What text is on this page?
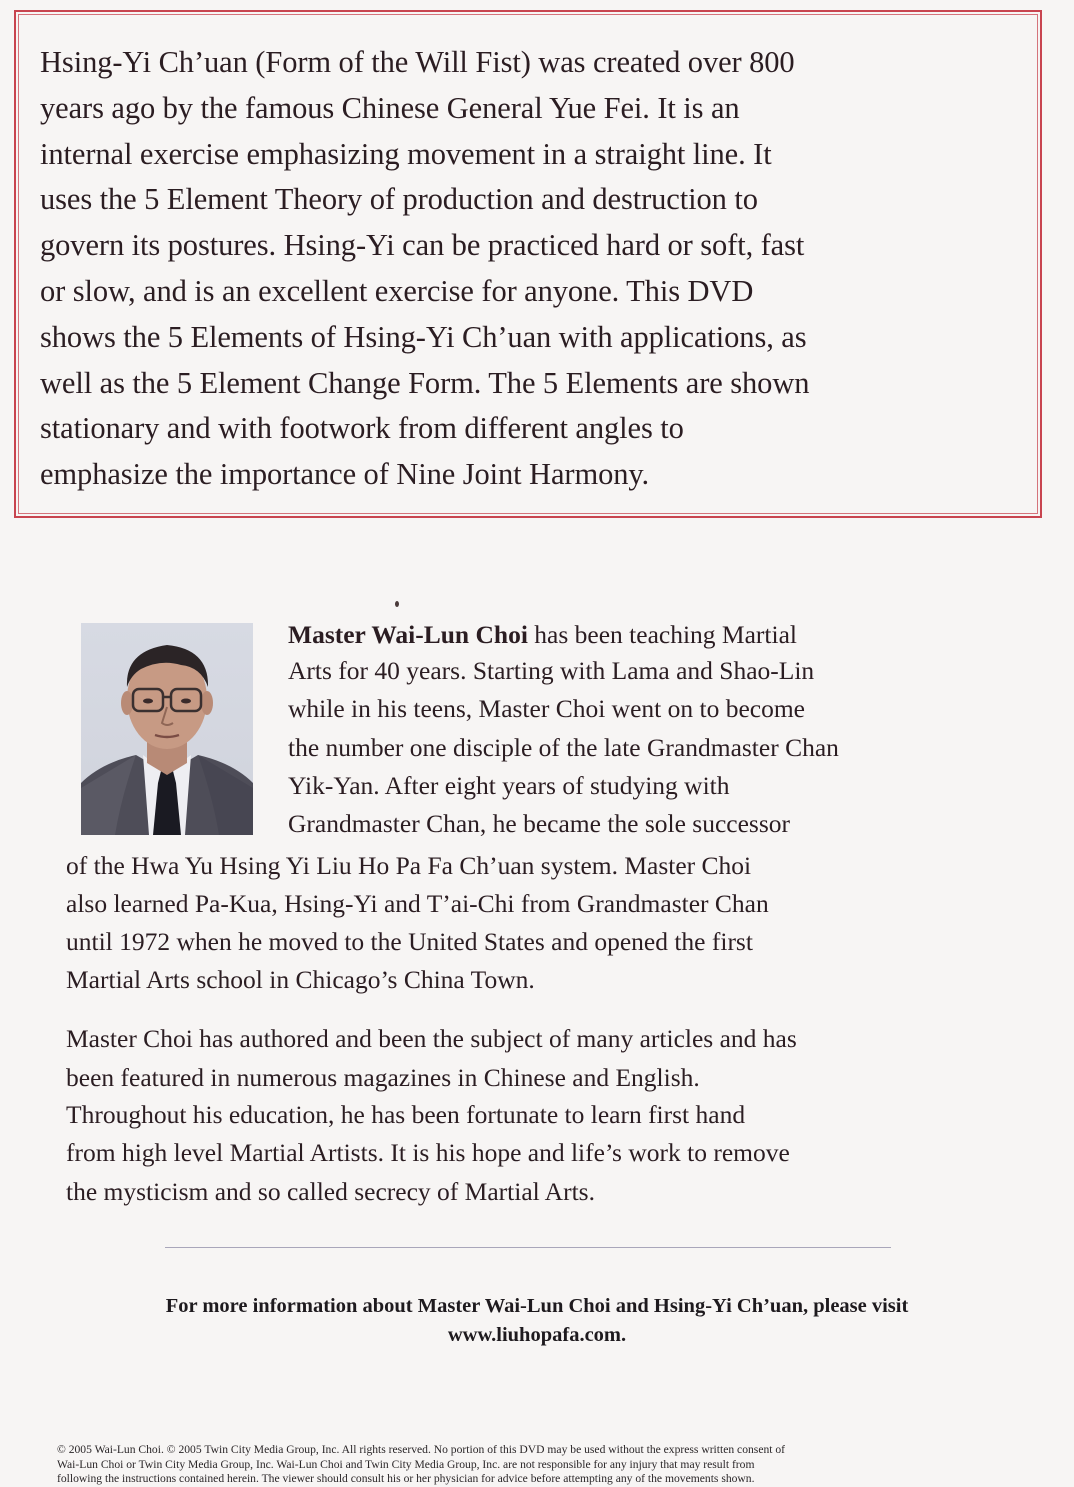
Hsing-Yi Ch’uan (Form of the Will Fist) was created over 800
years ago by the famous Chinese General Yue Fei. It is an
internal exercise emphasizing movement in a straight line. It
uses the 5 Element Theory of production and destruction to
govern its postures. Hsing-Yi can be practiced hard or soft, fast
or slow, and is an excellent exercise for anyone. This DVD
shows the 5 Elements of Hsing-Yi Ch’uan with applications, as
well as the 5 Element Change Form. The 5 Elements are shown
stationary and with footwork from different angles to
emphasize the importance of Nine Joint Harmony.
Master Wai-Lun Choi has been teaching Martial
Arts for 40 years. Starting with Lama and Shao-Lin
while in his teens, Master Choi went on to become
the number one disciple of the late Grandmaster Chan
Yik-Yan. After eight years of studying with
Grandmaster Chan, he became the sole successor
of the Hwa Yu Hsing Yi Liu Ho Pa Fa Ch’uan system. Master Choi
also learned Pa-Kua, Hsing-Yi and T’ai-Chi from Grandmaster Chan
until 1972 when he moved to the United States and opened the first
Martial Arts school in Chicago’s China Town.
Master Choi has authored and been the subject of many articles and has
been featured in numerous magazines in Chinese and English.
Throughout his education, he has been fortunate to learn first hand
from high level Martial Artists. It is his hope and life’s work to remove
the mysticism and so called secrecy of Martial Arts.
For more information about Master Wai-Lun Choi and Hsing-Yi Ch’uan, please visit
www.liuhopafa.com.
© 2005 Wai-Lun Choi. © 2005 Twin City Media Group, Inc. All rights reserved. No portion of this DVD may be used without the express written consent of
Wai-Lun Choi or Twin City Media Group, Inc. Wai-Lun Choi and Twin City Media Group, Inc. are not responsible for any injury that may result from
following the instructions contained herein. The viewer should consult his or her physician for advice before attempting any of the movements shown.
